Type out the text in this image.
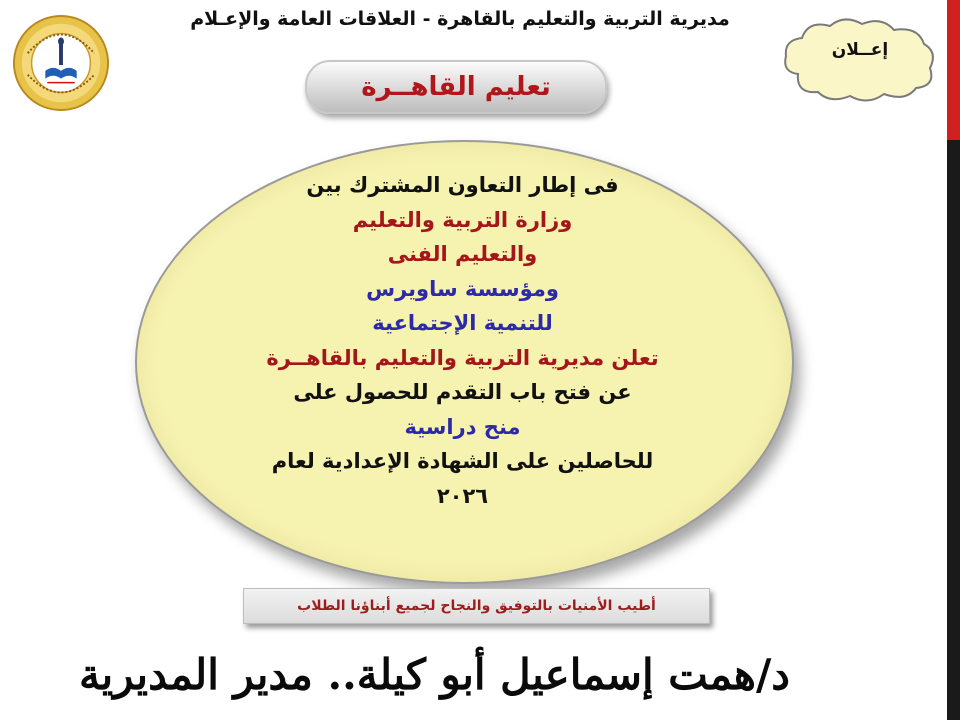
مديرية التربية والتعليم بالقاهرة - العلاقات العامة والإعـلام
إعــلان
تعليم القاهــرة
فى إطار التعاون المشترك بين
وزارة التربية والتعليم
والتعليم الفنى
ومؤسسة ساويرس
للتنمية الإجتماعية
تعلن مديرية التربية والتعليم بالقاهــرة
عن فتح باب التقدم للحصول على
منح دراسية
للحاصلين على الشهادة الإعدادية لعام
٢٠٢٦
أطيب الأمنيات بالتوفيق والنجاح لجميع أبناؤنا الطلاب
د/همت إسماعيل أبو كيلة.. مدير المديرية
